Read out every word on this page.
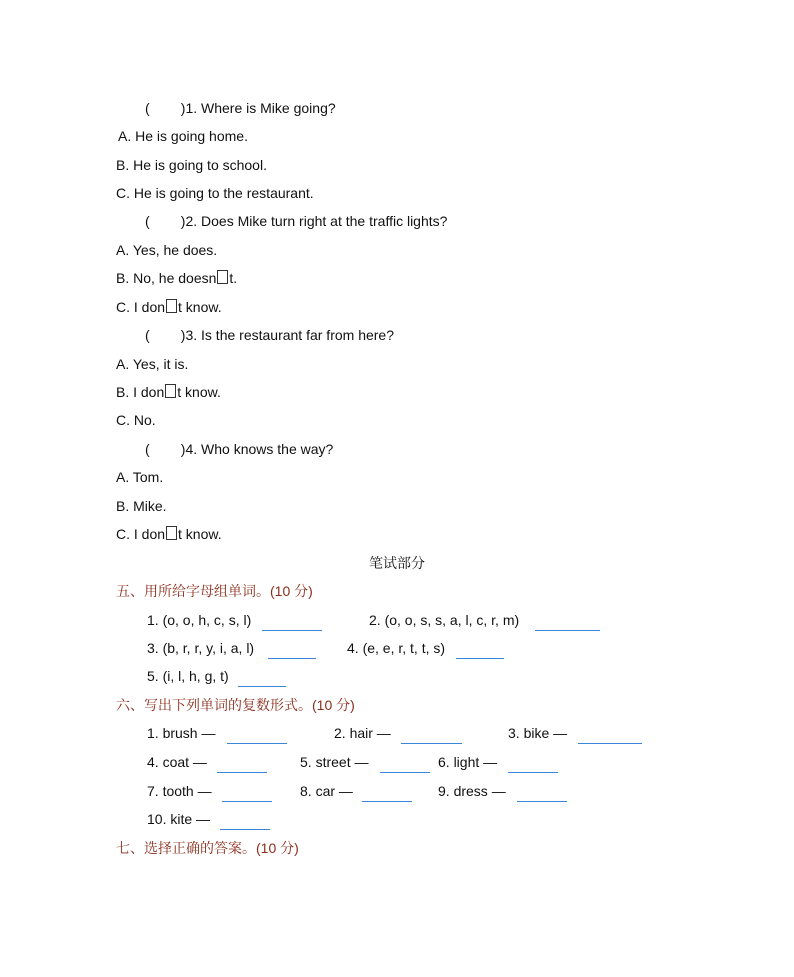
( )1. Where is Mike going?
A. He is going home.
B. He is going to school.
C. He is going to the restaurant.
( )2. Does Mike turn right at the traffic lights?
A. Yes, he does.
B. No, he doesn t.
C. I don t know.
( )3. Is the restaurant far from here?
A. Yes, it is.
B. I don t know.
C. No.
( )4. Who knows the way?
A. Tom.
B. Mike.
C. I don t know.
笔试部分
五、用所给字母组单词。(10 分)
1. (o, o, h, c, s, l)	2. (o, o, s, s, a, l, c, r, m)
3. (b, r, r, y, i, a, l)	4. (e, e, r, t, t, s)
5. (i, l, h, g, t)
六、写出下列单词的复数形式。(10 分)
1. brush —	2. hair —	3. bike —
4. coat —	5. street —	6. light —
7. tooth —	8. car —	9. dress —
10. kite —
七、选择正确的答案。(10 分)
